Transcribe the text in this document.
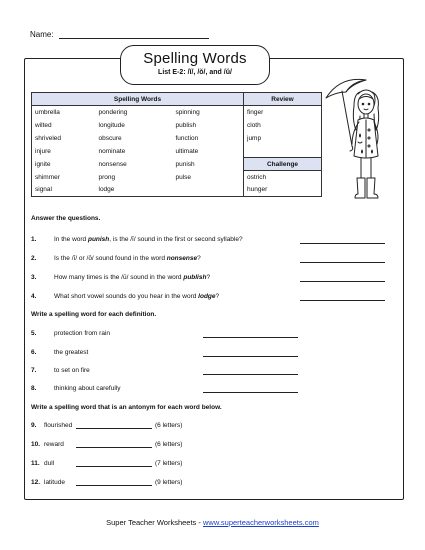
Name:
Spelling Words
List E-2: /ĭ/, /ŏ/, and /ŭ/
Spelling Words			Review
umbrella	pondering	spinning	finger
wilted	longitude	publish	cloth
shriveled	obscure	function	jump
injure	nominate	ultimate	
ignite	nonsense	punish	Challenge
shimmer	prong	pulse	ostrich
signal	lodge		hunger
Answer the questions.
1.	In the word punish, is the /ĭ/ sound in the first or second syllable?
2.	Is the /ĭ/ or /ŏ/ sound found in the word nonsense?
3.	How many times is the /ŭ/ sound in the word publish?
4.	What short vowel sounds do you hear in the word lodge?
Write a spelling word for each definition.
5.	protection from rain
6.	the greatest
7.	to set on fire
8.	thinking about carefully
Write a spelling word that is an antonym for each word below.
9. flourished	(6 letters)
10. reward	(6 letters)
11. dull	(7 letters)
12. latitude	(9 letters)
Super Teacher Worksheets - www.superteacherworksheets.com
